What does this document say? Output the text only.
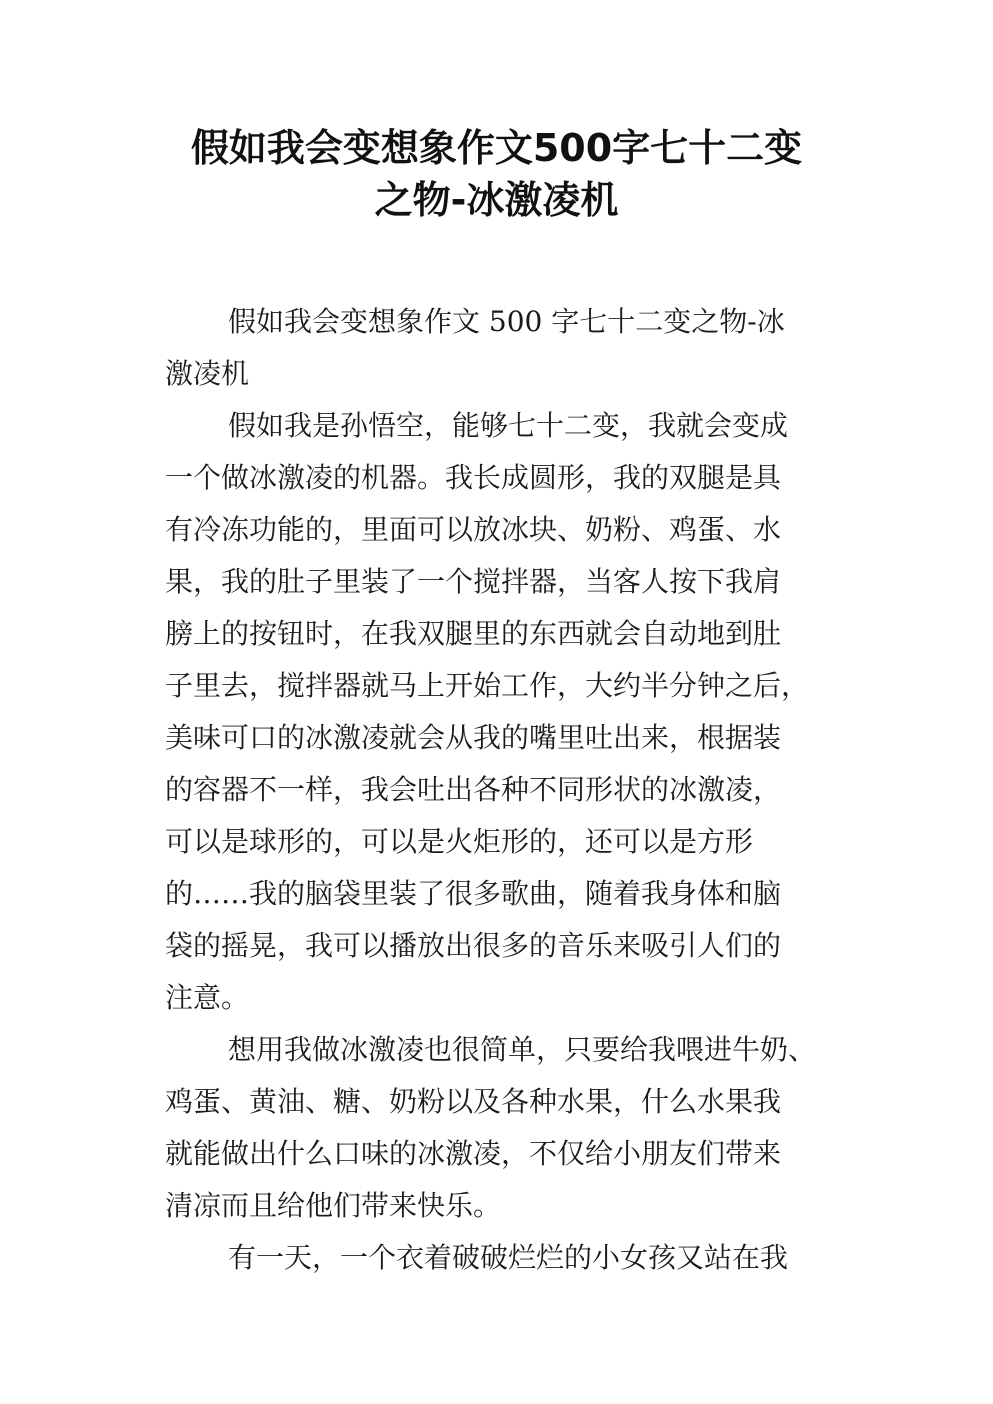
假如我会变想象作文500字七十二变
之物-冰激凌机
假如我会变想象作文 500 字七十二变之物-冰
激凌机
假如我是孙悟空，能够七十二变，我就会变成
一个做冰激凌的机器。我长成圆形，我的双腿是具
有冷冻功能的，里面可以放冰块、奶粉、鸡蛋、水
果，我的肚子里装了一个搅拌器，当客人按下我肩
膀上的按钮时，在我双腿里的东西就会自动地到肚
子里去，搅拌器就马上开始工作，大约半分钟之后，
美味可口的冰激凌就会从我的嘴里吐出来，根据装
的容器不一样，我会吐出各种不同形状的冰激凌，
可以是球形的，可以是火炬形的，还可以是方形
的……我的脑袋里装了很多歌曲，随着我身体和脑
袋的摇晃，我可以播放出很多的音乐来吸引人们的
注意。
想用我做冰激凌也很简单，只要给我喂进牛奶、
鸡蛋、黄油、糖、奶粉以及各种水果，什么水果我
就能做出什么口味的冰激凌，不仅给小朋友们带来
清凉而且给他们带来快乐。
有一天，一个衣着破破烂烂的小女孩又站在我
